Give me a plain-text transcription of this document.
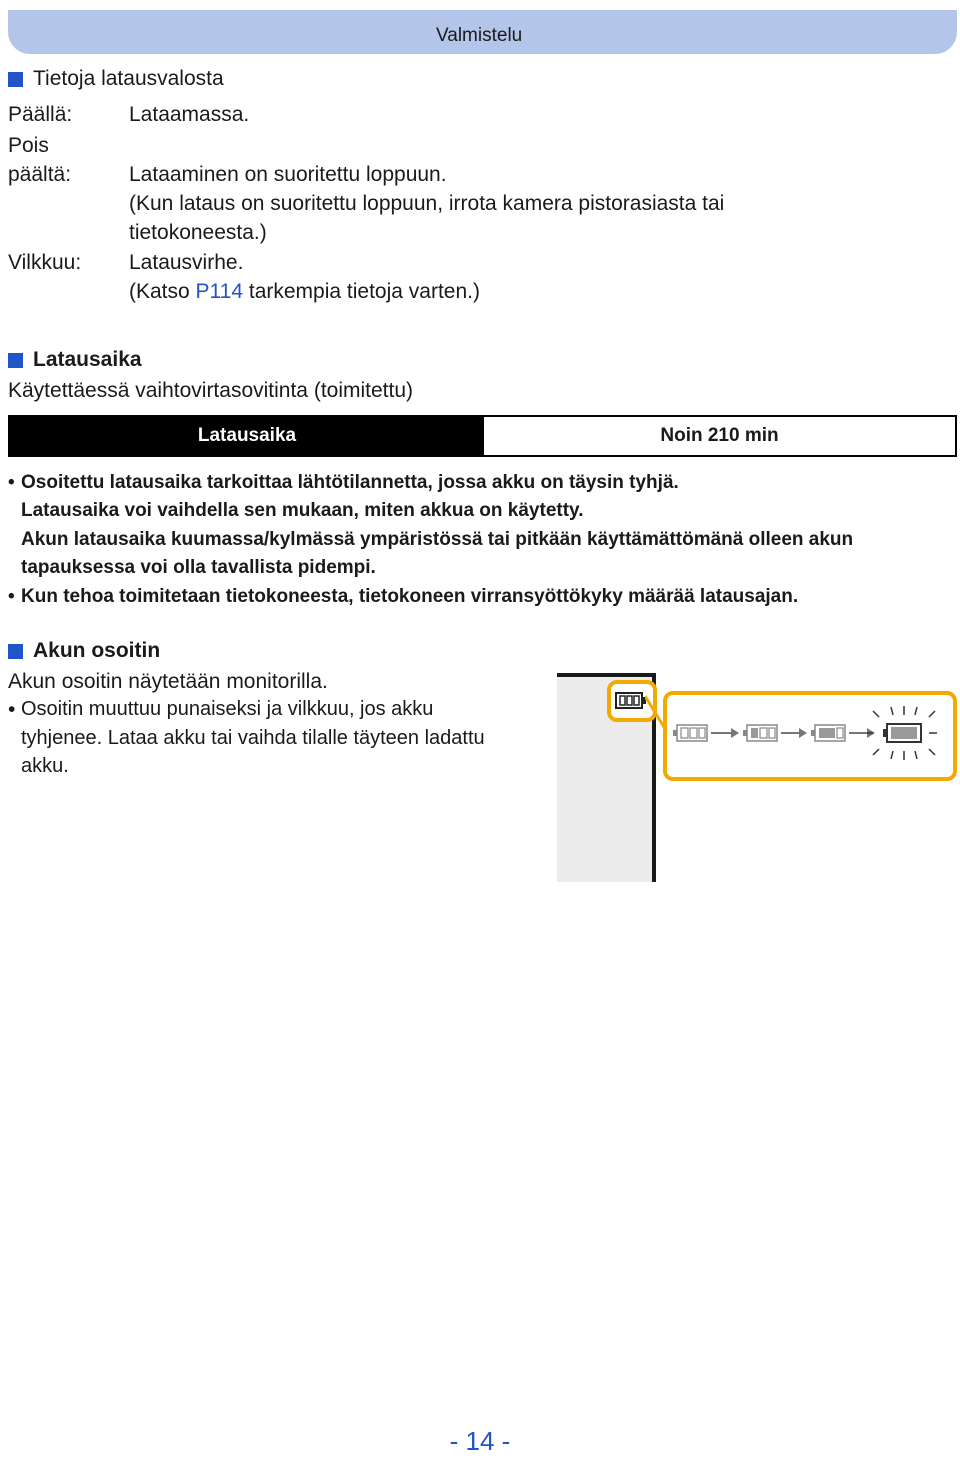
Valmistelu
Tietoja latausvalosta
Päällä:	Lataamassa.
Pois
päältä:	Lataaminen on suoritettu loppuun.
(Kun lataus on suoritettu loppuun, irrota kamera pistorasiasta tai
tietokoneesta.)
Vilkkuu: Latausvirhe.
(Katso P114 tarkempia tietoja varten.)
Latausaika
Käytettäessä vaihtovirtasovitinta (toimitettu)
Latausaika	Noin 210 min
• Osoitettu latausaika tarkoittaa lähtötilannetta, jossa akku on täysin tyhjä.
Latausaika voi vaihdella sen mukaan, miten akkua on käytetty.
Akun latausaika kuumassa/kylmässä ympäristössä tai pitkään käyttämättömänä olleen akun
tapauksessa voi olla tavallista pidempi.
• Kun tehoa toimitetaan tietokoneesta, tietokoneen virransyöttökyky määrää latausajan.
Akun osoitin
Akun osoitin näytetään monitorilla.
• Osoitin muuttuu punaiseksi ja vilkkuu, jos akku
tyhjenee. Lataa akku tai vaihda tilalle täyteen ladattu
akku.
- 14 -
